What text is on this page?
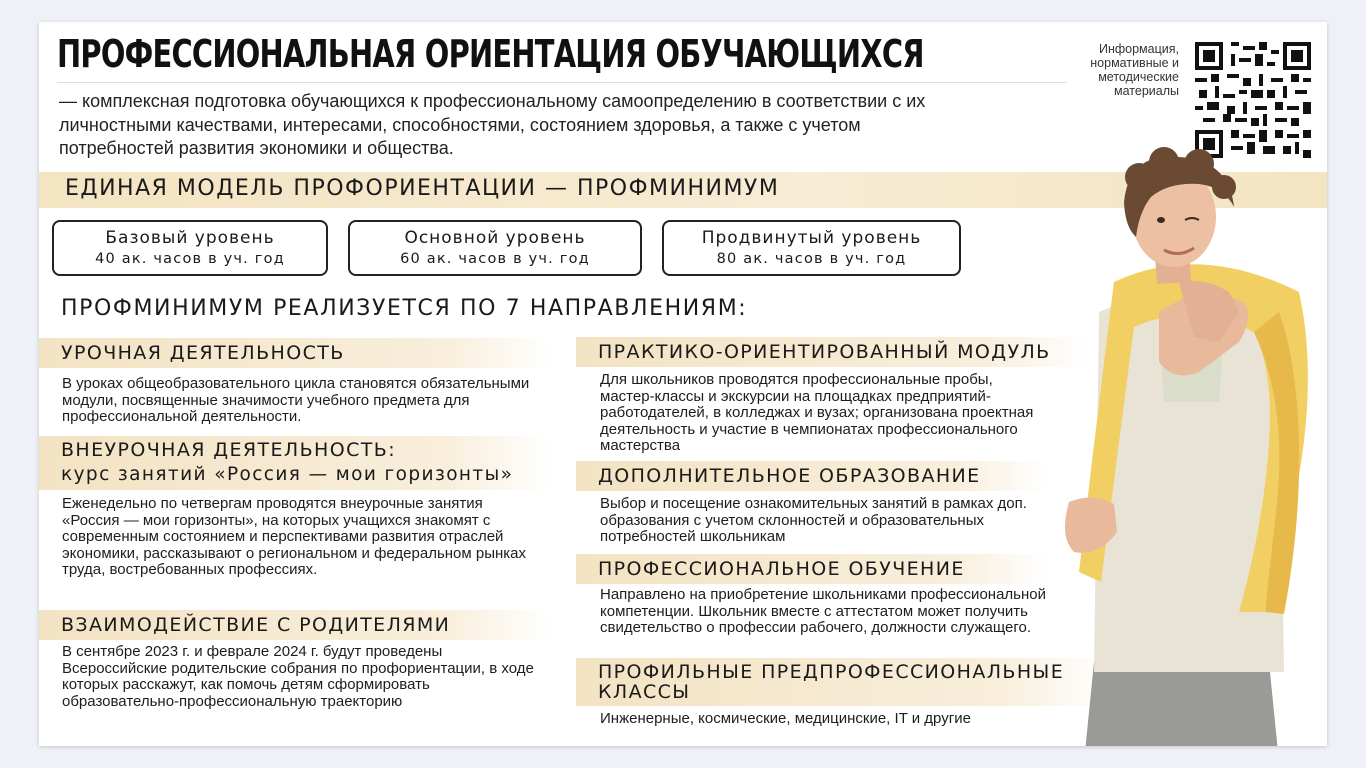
ПРОФЕССИОНАЛЬНАЯ ОРИЕНТАЦИЯ ОБУЧАЮЩИХСЯ
— комплексная подготовка обучающихся к профессиональному самоопределению в соответствии с их личностными качествами, интересами, способностями, состоянием здоровья, а также с учетом потребностей развития экономики и общества.
Информация, нормативные и методические материалы
ЕДИНАЯ МОДЕЛЬ ПРОФОРИЕНТАЦИИ — ПРОФМИНИМУМ
Базовый уровень
40 ак. часов в уч. год
Основной уровень
60 ак. часов в уч. год
Продвинутый уровень
80 ак. часов в уч. год
ПРОФМИНИМУМ РЕАЛИЗУЕТСЯ ПО 7 НАПРАВЛЕНИЯМ:
УРОЧНАЯ ДЕЯТЕЛЬНОСТЬ
В уроках общеобразовательного цикла становятся обязательными модули, посвященные значимости учебного предмета для профессиональной деятельности.
ВНЕУРОЧНАЯ ДЕЯТЕЛЬНОСТЬ:
курс занятий «Россия — мои горизонты»
Еженедельно по четвергам проводятся внеурочные занятия «Россия — мои горизонты», на которых учащихся знакомят с современным состоянием и перспективами развития отраслей экономики, рассказывают о региональном и федеральном рынках труда, востребованных профессиях.
ВЗАИМОДЕЙСТВИЕ С РОДИТЕЛЯМИ
В сентябре 2023 г. и феврале 2024 г. будут проведены Всероссийские родительские собрания по профориентации, в ходе которых расскажут, как помочь детям сформировать образовательно-профессиональную траекторию
ПРАКТИКО-ОРИЕНТИРОВАННЫЙ МОДУЛЬ
Для школьников проводятся профессиональные пробы, мастер-классы и экскурсии на площадках предприятий-работодателей, в колледжах и вузах; организована проектная деятельность и участие в чемпионатах профессионального мастерства
ДОПОЛНИТЕЛЬНОЕ ОБРАЗОВАНИЕ
Выбор и посещение ознакомительных занятий в рамках доп. образования с учетом склонностей и образовательных потребностей школьникам
ПРОФЕССИОНАЛЬНОЕ ОБУЧЕНИЕ
Направлено на приобретение школьниками профессиональной компетенции. Школьник вместе с аттестатом может получить свидетельство о профессии рабочего, должности служащего.
ПРОФИЛЬНЫЕ ПРЕДПРОФЕССИОНАЛЬНЫЕ КЛАССЫ
Инженерные, космические, медицинские, IT и другие
